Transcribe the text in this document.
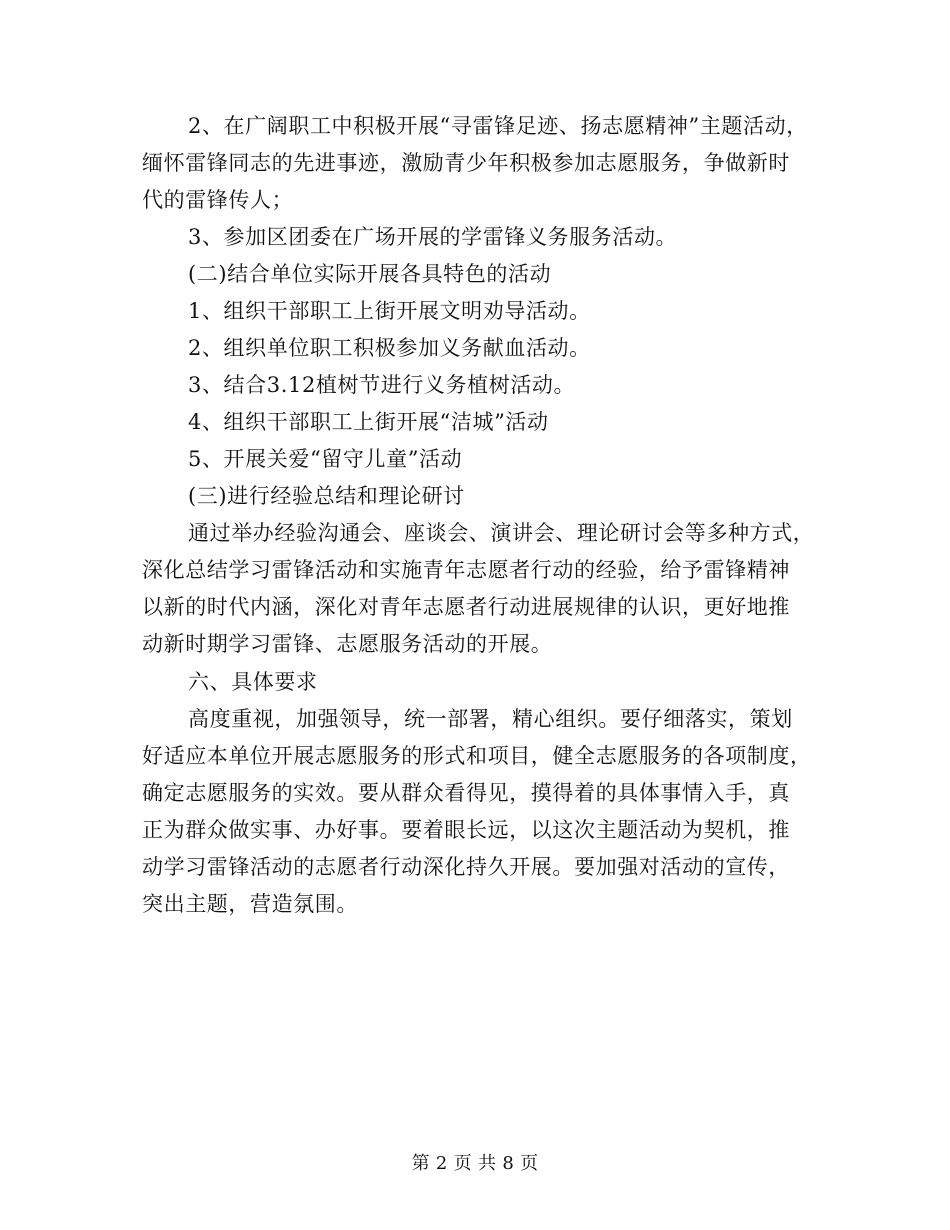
2、在广阔职工中积极开展“寻雷锋足迹、扬志愿精神”主题活动，
缅怀雷锋同志的先进事迹，激励青少年积极参加志愿服务，争做新时
代的雷锋传人；
3、参加区团委在广场开展的学雷锋义务服务活动。
(二)结合单位实际开展各具特色的活动
1、组织干部职工上街开展文明劝导活动。
2、组织单位职工积极参加义务献血活动。
3、结合3.12植树节进行义务植树活动。
4、组织干部职工上街开展“洁城”活动
5、开展关爱“留守儿童”活动
(三)进行经验总结和理论研讨
通过举办经验沟通会、座谈会、演讲会、理论研讨会等多种方式，
深化总结学习雷锋活动和实施青年志愿者行动的经验，给予雷锋精神
以新的时代内涵，深化对青年志愿者行动进展规律的认识，更好地推
动新时期学习雷锋、志愿服务活动的开展。
六、具体要求
高度重视，加强领导，统一部署，精心组织。要仔细落实，策划
好适应本单位开展志愿服务的形式和项目，健全志愿服务的各项制度，
确定志愿服务的实效。要从群众看得见，摸得着的具体事情入手，真
正为群众做实事、办好事。要着眼长远，以这次主题活动为契机，推
动学习雷锋活动的志愿者行动深化持久开展。要加强对活动的宣传，
突出主题，营造氛围。
第 2 页 共 8 页
